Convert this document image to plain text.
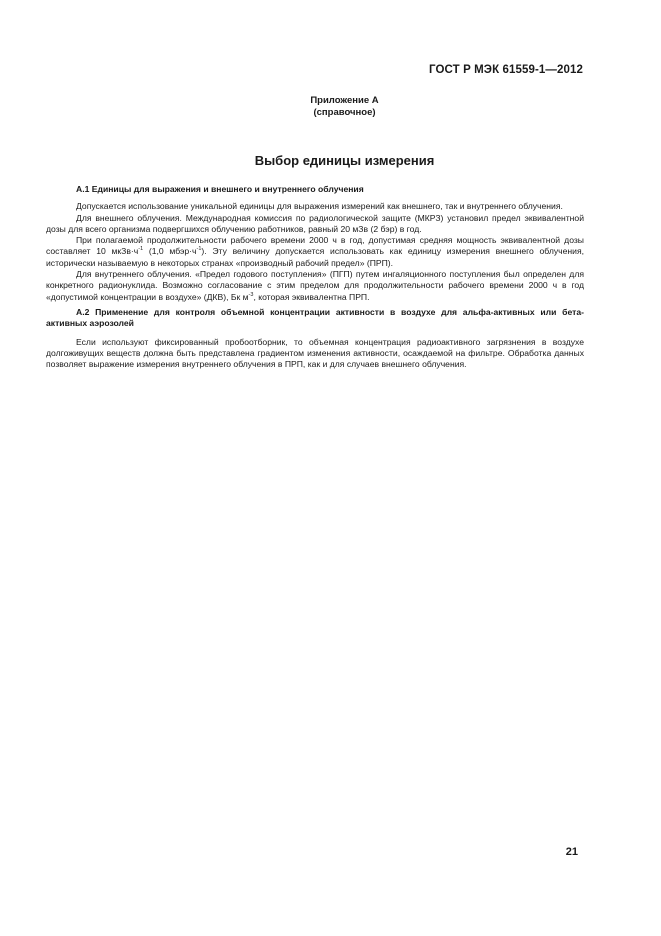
ГОСТ Р МЭК 61559-1—2012
Приложение А
(справочное)
Выбор единицы измерения
А.1 Единицы для выражения и внешнего и внутреннего облучения

Допускается использование уникальной единицы для выражения измерений как внешнего, так и внутреннего облучения.

Для внешнего облучения. Международная комиссия по радиологической защите (МКРЗ) установил предел эквивалентной дозы для всего организма подвергшихся облучению работников, равный 20 мЗв (2 бэр) в год.

При полагаемой продолжительности рабочего времени 2000 ч в год, допустимая средняя мощность эквивалентной дозы составляет 10 $мкЗв\cdot ч^{-1}$ (1,0 $мбэр\cdot ч^{-1}$). Эту величину допускается использовать как единицу измерения внешнего облучения, исторически называемую в некоторых странах «производный рабочий предел» (ПРП).

Для внутреннего облучения. «Предел годового поступления» (ПГП) путем ингаляционного поступления был определен для конкретного радионуклида. Возможно согласование с этим пределом для продолжительности рабочего времени 2000 ч в год «допустимой концентрации в воздухе» (ДКВ), Бк $м^{-3}$, которая эквивалентна ПРП.

А.2 Применение для контроля объемной концентрации активности в воздухе для альфа-активных или бета-активных аэрозолей

Если используют фиксированный пробоотборник, то объемная концентрация радиоактивного загрязнения в воздухе долгоживущих веществ должна быть представлена градиентом изменения активности, осаждаемой на фильтре. Обработка данных позволяет выражение измерения внутреннего облучения в ПРП, как и для случаев внешнего облучения.

21
